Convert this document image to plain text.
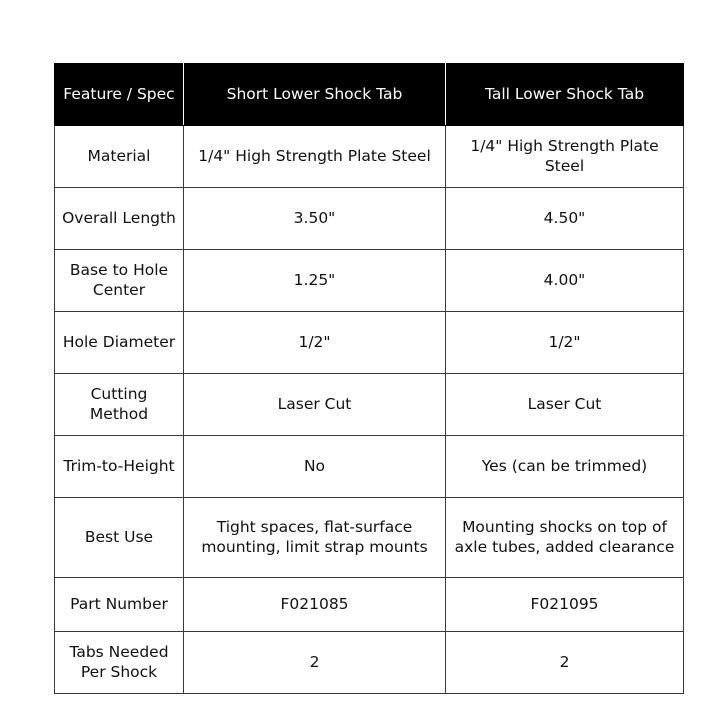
Feature / Spec	Short Lower Shock Tab	Tall Lower Shock Tab
Material	1/4" High Strength Plate Steel	1/4" High Strength Plate Steel
Overall Length	3.50"	4.50"
Base to Hole Center	1.25"	4.00"
Hole Diameter	1/2"	1/2"
Cutting Method	Laser Cut	Laser Cut
Trim-to-Height	No	Yes (can be trimmed)
Best Use	Tight spaces, flat-surface mounting, limit strap mounts	Mounting shocks on top of axle tubes, added clearance
Part Number	F021085	F021095
Tabs Needed Per Shock	2	2
